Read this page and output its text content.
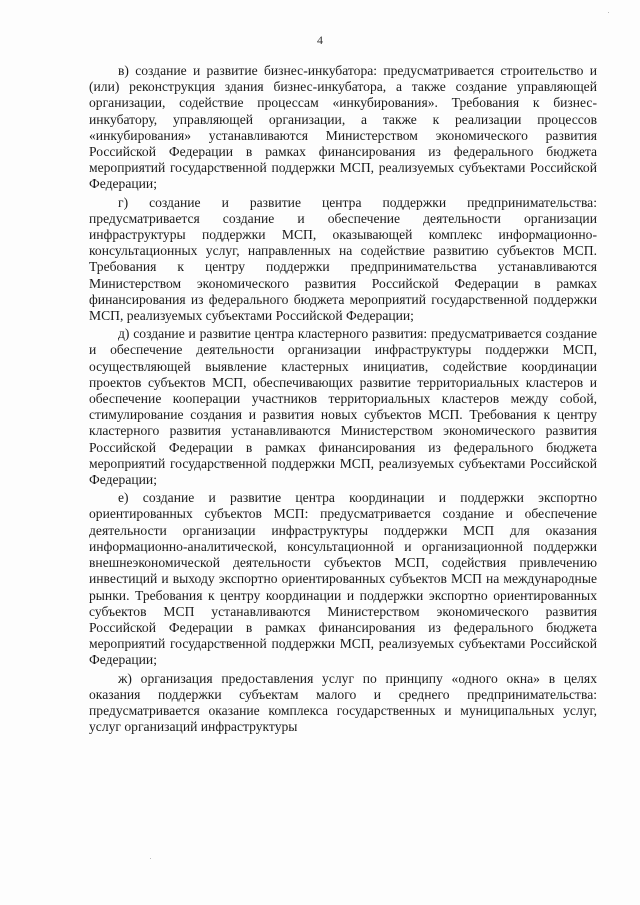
4

в) создание и развитие бизнес-инкубатора: предусматривается строительство и (или) реконструкция здания бизнес-инкубатора, а также создание управляющей организации, содействие процессам «инкубирования». Требования к бизнес-инкубатору, управляющей организации, а также к реализации процессов «инкубирования» устанавливаются Министерством экономического развития Российской Федерации в рамках финансирования из федерального бюджета мероприятий государственной поддержки МСП, реализуемых субъектами Российской Федерации;

г) создание и развитие центра поддержки предпринимательства: предусматривается создание и обеспечение деятельности организации инфраструктуры поддержки МСП, оказывающей комплекс информационно-консультационных услуг, направленных на содействие развитию субъектов МСП. Требования к центру поддержки предпринимательства устанавливаются Министерством экономического развития Российской Федерации в рамках финансирования из федерального бюджета мероприятий государственной поддержки МСП, реализуемых субъектами Российской Федерации;

д) создание и развитие центра кластерного развития: предусматривается создание и обеспечение деятельности организации инфраструктуры поддержки МСП, осуществляющей выявление кластерных инициатив, содействие координации проектов субъектов МСП, обеспечивающих развитие территориальных кластеров и обеспечение кооперации участников территориальных кластеров между собой, стимулирование создания и развития новых субъектов МСП. Требования к центру кластерного развития устанавливаются Министерством экономического развития Российской Федерации в рамках финансирования из федерального бюджета мероприятий государственной поддержки МСП, реализуемых субъектами Российской Федерации;

е) создание и развитие центра координации и поддержки экспортно ориентированных субъектов МСП: предусматривается создание и обеспечение деятельности организации инфраструктуры поддержки МСП для оказания информационно-аналитической, консультационной и организационной поддержки внешнеэкономической деятельности субъектов МСП, содействия привлечению инвестиций и выходу экспортно ориентированных субъектов МСП на международные рынки. Требования к центру координации и поддержки экспортно ориентированных субъектов МСП устанавливаются Министерством экономического развития Российской Федерации в рамках финансирования из федерального бюджета мероприятий государственной поддержки МСП, реализуемых субъектами Российской Федерации;

ж) организация предоставления услуг по принципу «одного окна» в целях оказания поддержки субъектам малого и среднего предпринимательства: предусматривается оказание комплекса государственных и муниципальных услуг, услуг организаций инфраструктуры
